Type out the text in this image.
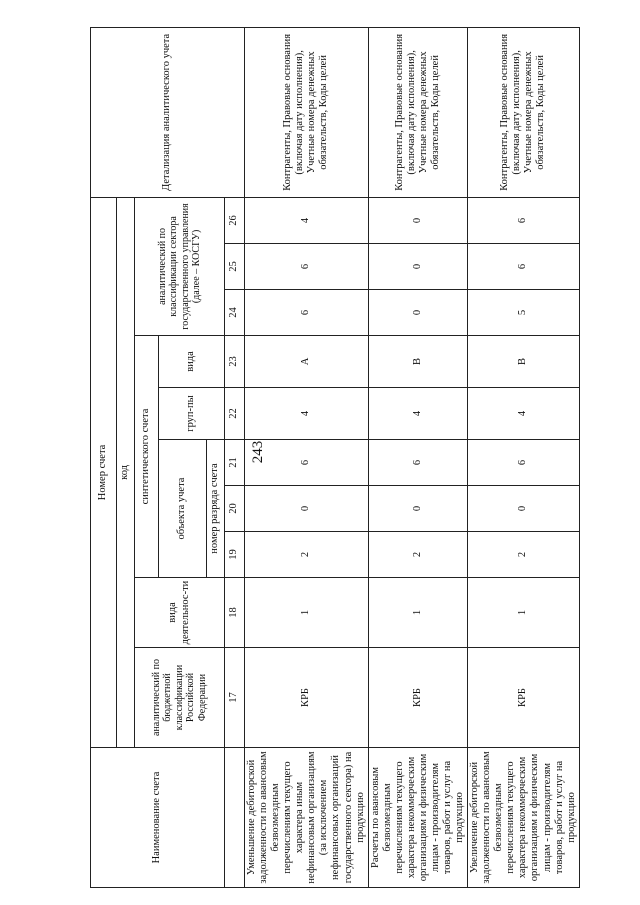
243
Наименование счета	Номер счета										Детализация аналитического учета
	код										
	аналитический по бюджетной классификации Российской Федерации	вида деятельнос-ти	синтетического счета					аналитический по классификации сектора государственного управления (далее – КОСГУ)			
			объекта учета			груп-пы	вида				
			номер разряда счета								
	17	18	19	20	21	22	23	24	25	26	
Уменьшение дебиторской задолженности по авансовым безвозмездным перечислениям текущего характера иным нефинансовым организациям (за исключением нефинансовых организаций государственного сектора) на продукцию	КРБ	1	2	0	6	4	А	6	6	4	Контрагенты, Правовые основания (включая дату исполнения), Учетные номера денежных обязательств, Коды целей
Расчеты по авансовым безвозмездным перечислениям текущего характера некоммерческим организациям и физическим лицам - производителям товаров, работ и услуг на продукцию	КРБ	1	2	0	6	4	В	0	0	0	Контрагенты, Правовые основания (включая дату исполнения), Учетные номера денежных обязательств, Коды целей
Увеличение дебиторской задолженности по авансовым безвозмездным перечислениям текущего характера некоммерческим организациям и физическим лицам - производителям товаров, работ и услуг на продукцию	КРБ	1	2	0	6	4	В	5	6	6	Контрагенты, Правовые основания (включая дату исполнения), Учетные номера денежных обязательств, Коды целей
